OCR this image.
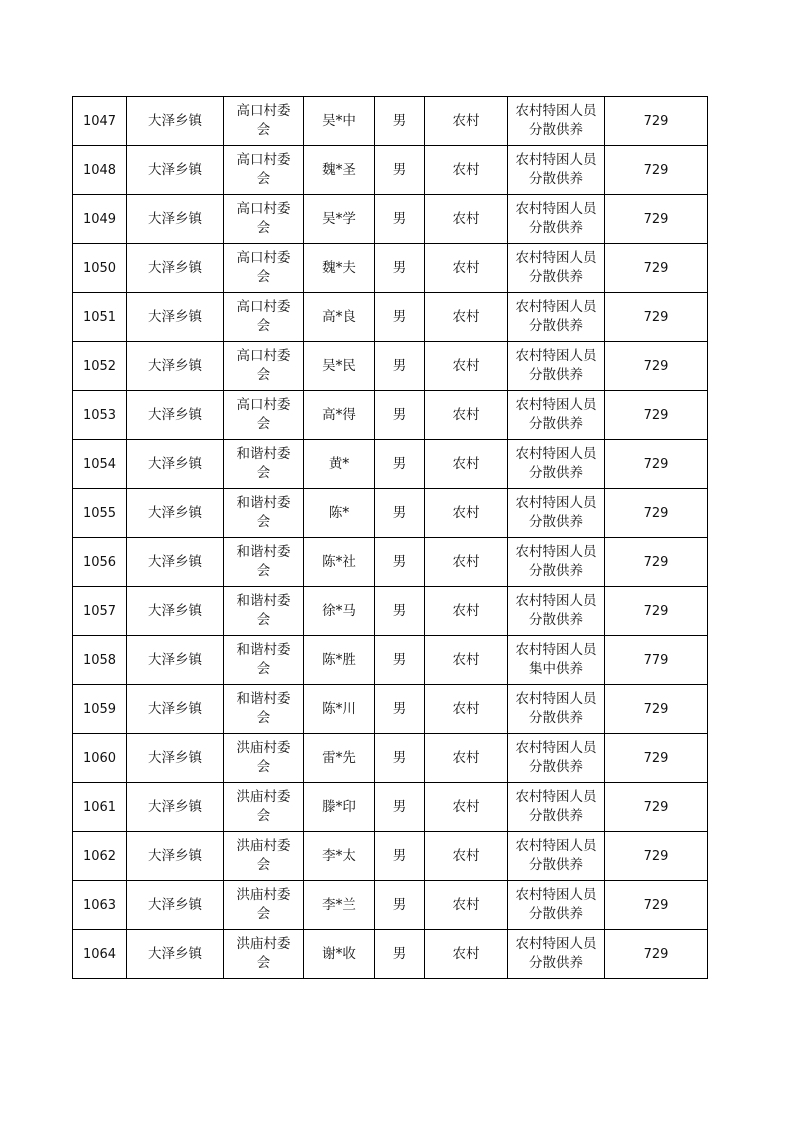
1047	大泽乡镇	高口村委会	吴*中	男	农村	农村特困人员分散供养	729
1048	大泽乡镇	高口村委会	魏*圣	男	农村	农村特困人员分散供养	729
1049	大泽乡镇	高口村委会	吴*学	男	农村	农村特困人员分散供养	729
1050	大泽乡镇	高口村委会	魏*夫	男	农村	农村特困人员分散供养	729
1051	大泽乡镇	高口村委会	高*良	男	农村	农村特困人员分散供养	729
1052	大泽乡镇	高口村委会	吴*民	男	农村	农村特困人员分散供养	729
1053	大泽乡镇	高口村委会	高*得	男	农村	农村特困人员分散供养	729
1054	大泽乡镇	和谐村委会	黄*	男	农村	农村特困人员分散供养	729
1055	大泽乡镇	和谐村委会	陈*	男	农村	农村特困人员分散供养	729
1056	大泽乡镇	和谐村委会	陈*社	男	农村	农村特困人员分散供养	729
1057	大泽乡镇	和谐村委会	徐*马	男	农村	农村特困人员分散供养	729
1058	大泽乡镇	和谐村委会	陈*胜	男	农村	农村特困人员集中供养	779
1059	大泽乡镇	和谐村委会	陈*川	男	农村	农村特困人员分散供养	729
1060	大泽乡镇	洪庙村委会	雷*先	男	农村	农村特困人员分散供养	729
1061	大泽乡镇	洪庙村委会	滕*印	男	农村	农村特困人员分散供养	729
1062	大泽乡镇	洪庙村委会	李*太	男	农村	农村特困人员分散供养	729
1063	大泽乡镇	洪庙村委会	李*兰	男	农村	农村特困人员分散供养	729
1064	大泽乡镇	洪庙村委会	谢*收	男	农村	农村特困人员分散供养	729
